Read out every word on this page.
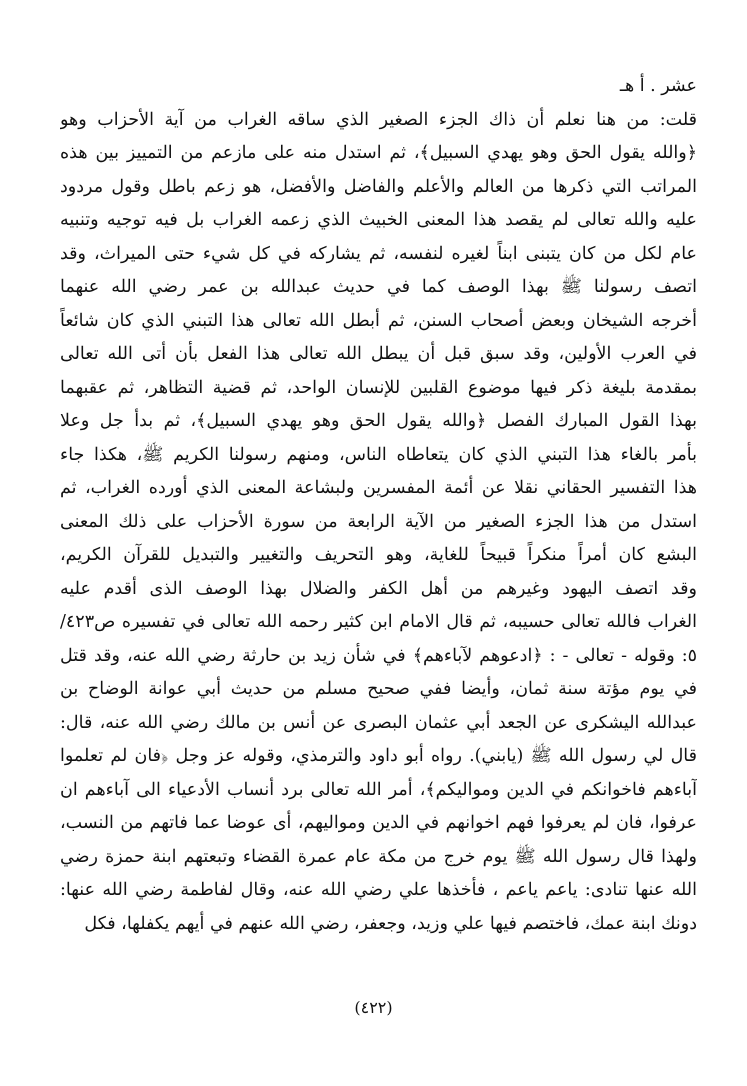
عشر . أ هـ
قلت: من هنا نعلم أن ذاك الجزء الصغير الذي ساقه الغراب من آية الأحزاب وهو
﴿والله يقول الحق وهو يهدي السبيل﴾، ثم استدل منه على مازعم من التمييز بين هذه
المراتب التي ذكرها من العالم والأعلم والفاضل والأفضل، هو زعم باطل وقول مردود
عليه والله تعالى لم يقصد هذا المعنى الخبيث الذي زعمه الغراب بل فيه توجيه وتنبيه
عام لكل من كان يتبنى ابناً لغيره لنفسه، ثم يشاركه في كل شيء حتى الميراث، وقد
اتصف رسولنا ﷺ بهذا الوصف كما في حديث عبدالله بن عمر رضي الله عنهما
أخرجه الشيخان وبعض أصحاب السنن، ثم أبطل الله تعالى هذا التبني الذي كان شائعاً
في العرب الأولين، وقد سبق قبل أن يبطل الله تعالى هذا الفعل بأن أتى الله تعالى
بمقدمة بليغة ذكر فيها موضوع القلبين للإنسان الواحد، ثم قضية التظاهر، ثم عقبهما
بهذا القول المبارك الفصل ﴿والله يقول الحق وهو يهدي السبيل﴾، ثم بدأ جل وعلا
بأمر بالغاء هذا التبني الذي كان يتعاطاه الناس، ومنهم رسولنا الكريم ﷺ، هكذا جاء
هذا التفسير الحقاني نقلا عن أئمة المفسرين ولبشاعة المعنى الذي أورده الغراب، ثم
استدل من هذا الجزء الصغير من الآية الرابعة من سورة الأحزاب على ذلك المعنى
البشع كان أمراً منكراً قبيحاً للغاية، وهو التحريف والتغيير والتبديل للقرآن الكريم،
وقد اتصف اليهود وغيرهم من أهل الكفر والضلال بهذا الوصف الذى أقدم عليه
الغراب فالله تعالى حسيبه، ثم قال الامام ابن كثير رحمه الله تعالى في تفسيره ص٤٢٣/
٥: وقوله - تعالى - : ﴿ادعوهم لآباءهم﴾ في شأن زيد بن حارثة رضي الله عنه، وقد قتل
في يوم مؤتة سنة ثمان، وأيضا ففي صحيح مسلم من حديث أبي عوانة الوضاح بن
عبدالله اليشكرى عن الجعد أبي عثمان البصرى عن أنس بن مالك رضي الله عنه، قال:
قال لي رسول الله ﷺ (يابني). رواه أبو داود والترمذي، وقوله عز وجل ﴿فان لم تعلموا
آباءهم فاخوانكم في الدين ومواليكم﴾، أمر الله تعالى برد أنساب الأدعياء الى آباءهم ان
عرفوا، فان لم يعرفوا فهم اخوانهم في الدين ومواليهم، أى عوضا عما فاتهم من النسب،
ولهذا قال رسول الله ﷺ يوم خرج من مكة عام عمرة القضاء وتبعتهم ابنة حمزة رضي
الله عنها تنادى: ياعم ياعم ، فأخذها علي رضي الله عنه، وقال لفاطمة رضي الله عنها:
دونك ابنة عمك، فاختصم فيها علي وزيد، وجعفر، رضي الله عنهم في أيهم يكفلها، فكل
(٤٢٢)
